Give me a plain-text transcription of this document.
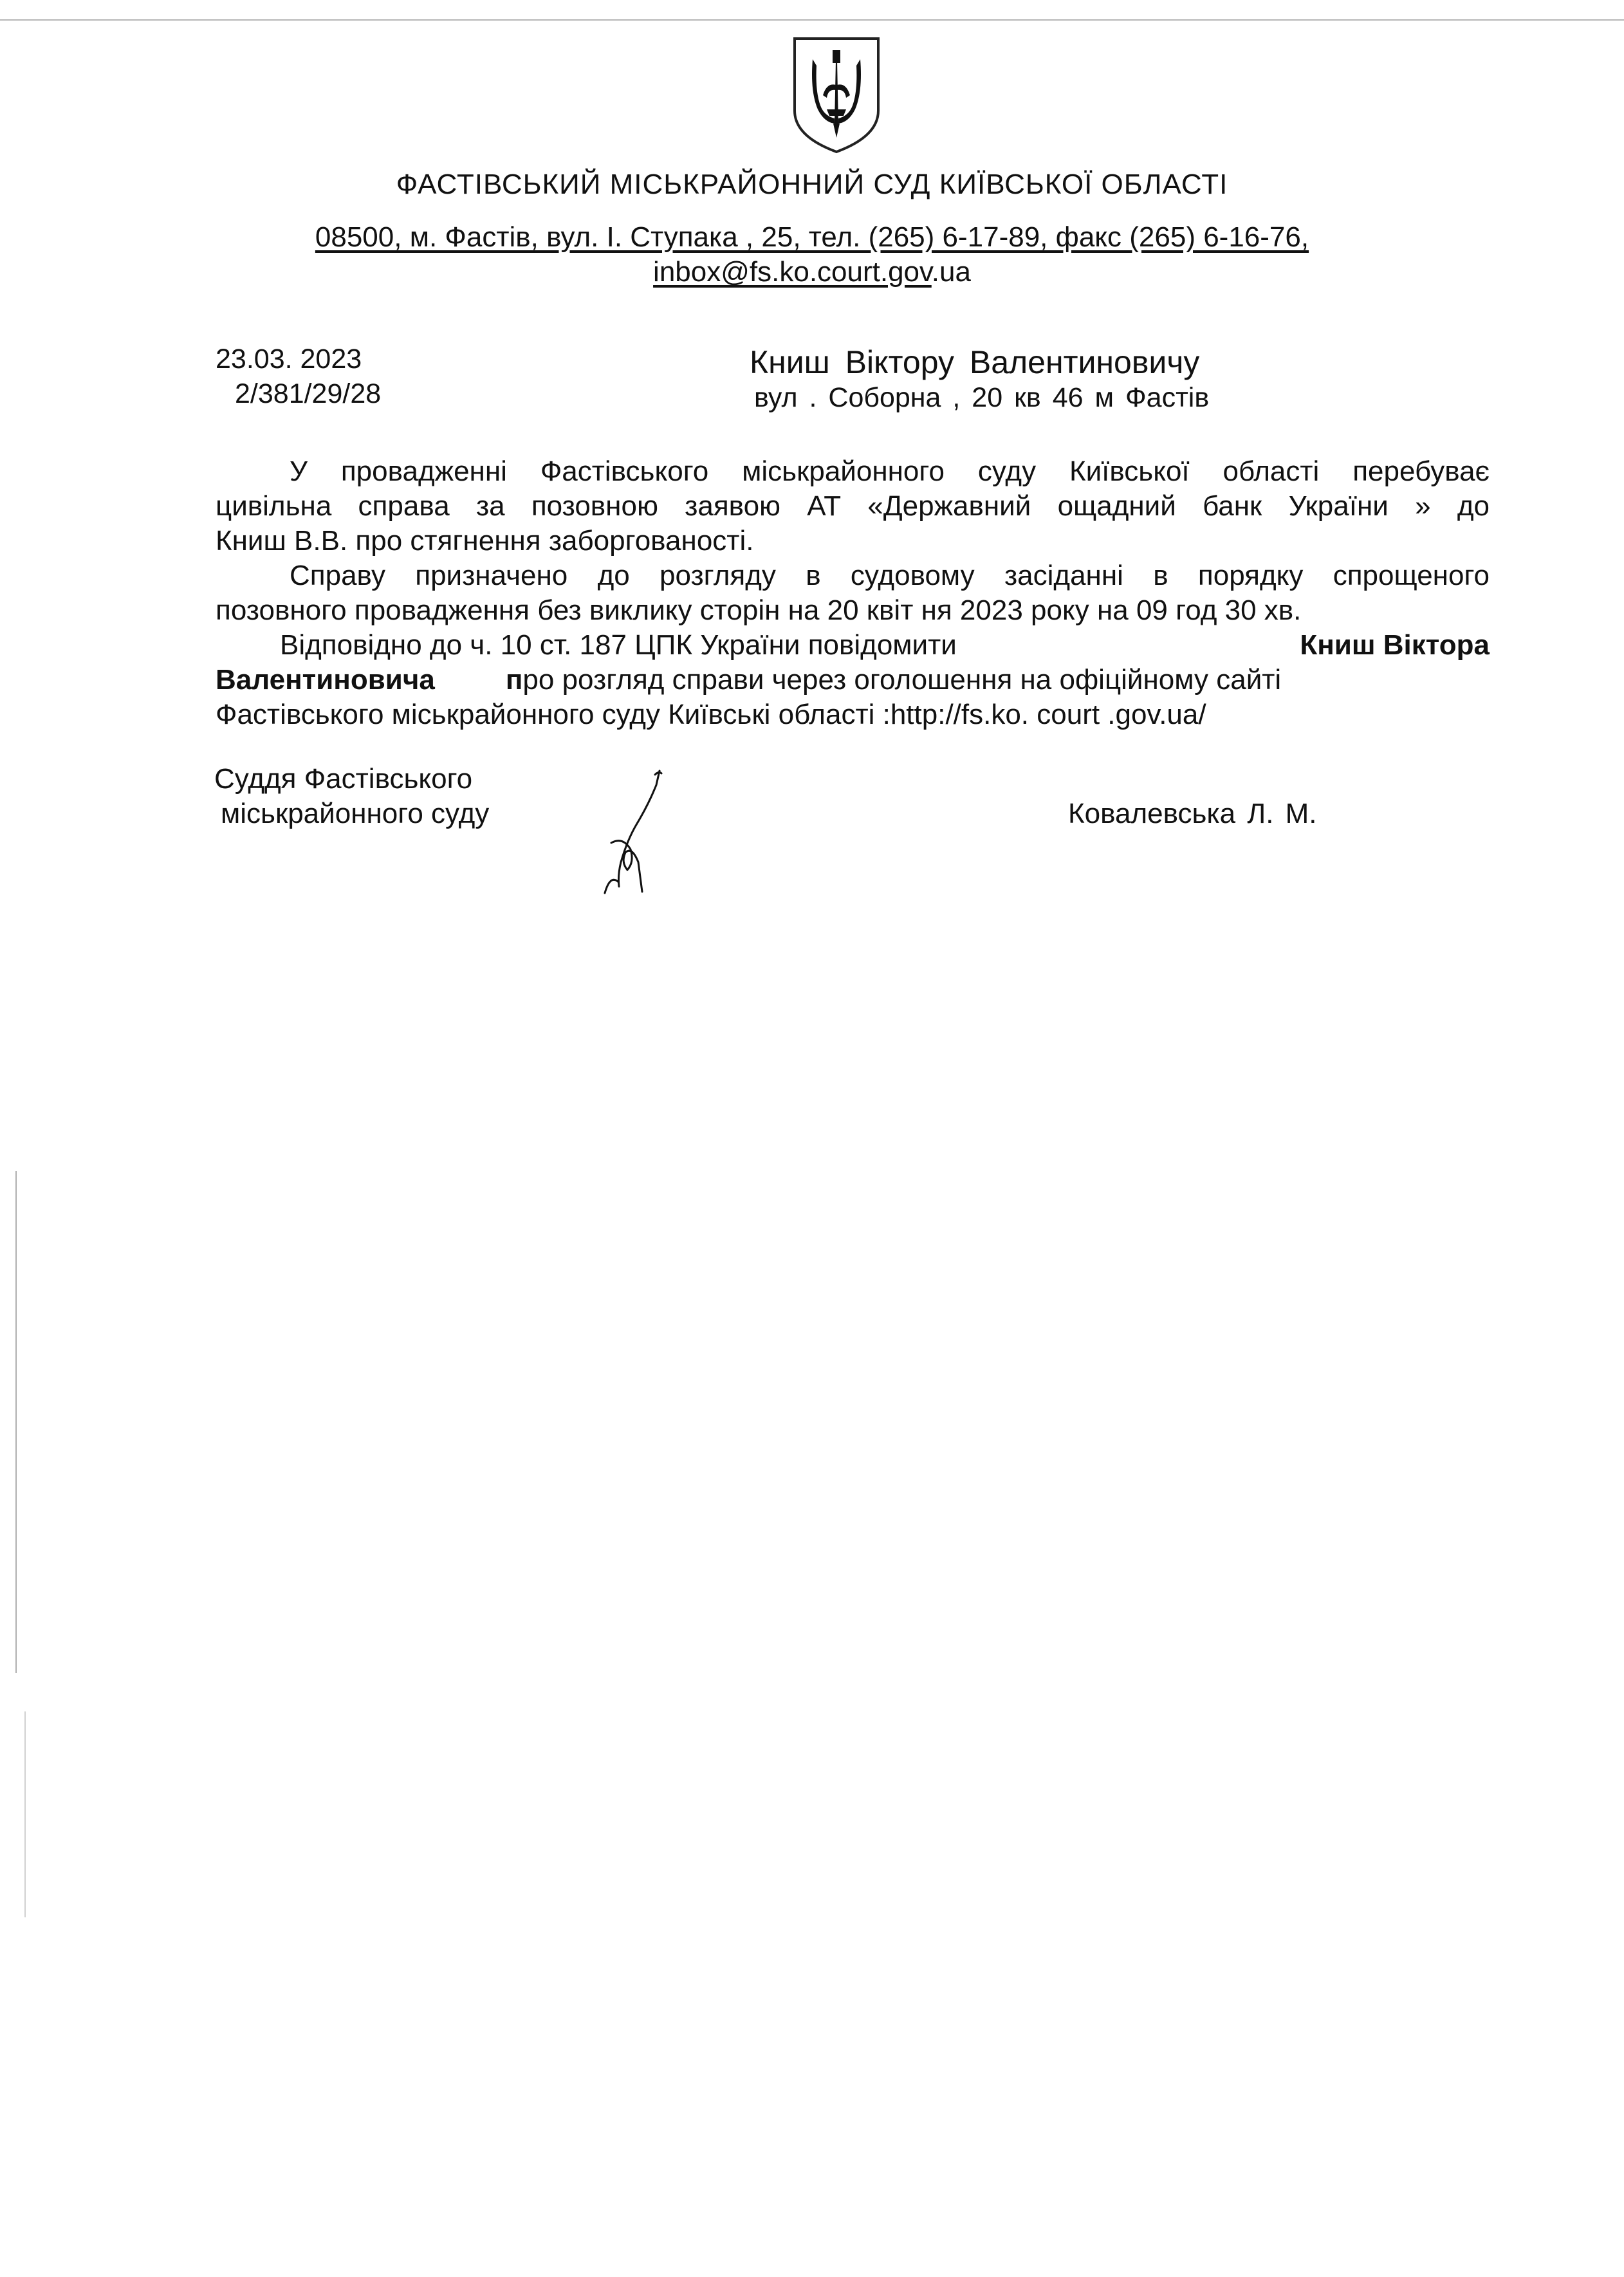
ФАСТІВСЬКИЙ МІСЬКРАЙОННИЙ СУД КИЇВСЬКОЇ ОБЛАСТІ
08500, м. Фастів, вул. І. Ступака , 25, тел. (265) 6-17-89, факс (265) 6-16-76,
inbox@fs.ko.court.gov.ua
23.03. 2023
2/381/29/28
Книш Віктору Валентиновичу
вул . Соборна , 20 кв 46 м Фастів
У провадженні Фастівського міськрайонного суду Київської області перебуває
цивільна справа за позовною заявою АТ «Державний ощадний банк України » до
Книш В.В. про стягнення заборгованості.
Справу призначено до розгляду в судовому засіданні в порядку спрощеного
позовного провадження без виклику сторін на 20 квіт ня 2023 року на 09 год 30 хв.
Відповідно до ч. 10 ст. 187 ЦПК України повідомити	Книш Віктора
Валентиновича	про розгляд справи через оголошення на офіційному сайті
Фастівського міськрайонного суду Київські області :http://fs.ko. court .gov.ua/
Суддя Фастівського
міськрайонного суду	Ковалевська Л. М.
